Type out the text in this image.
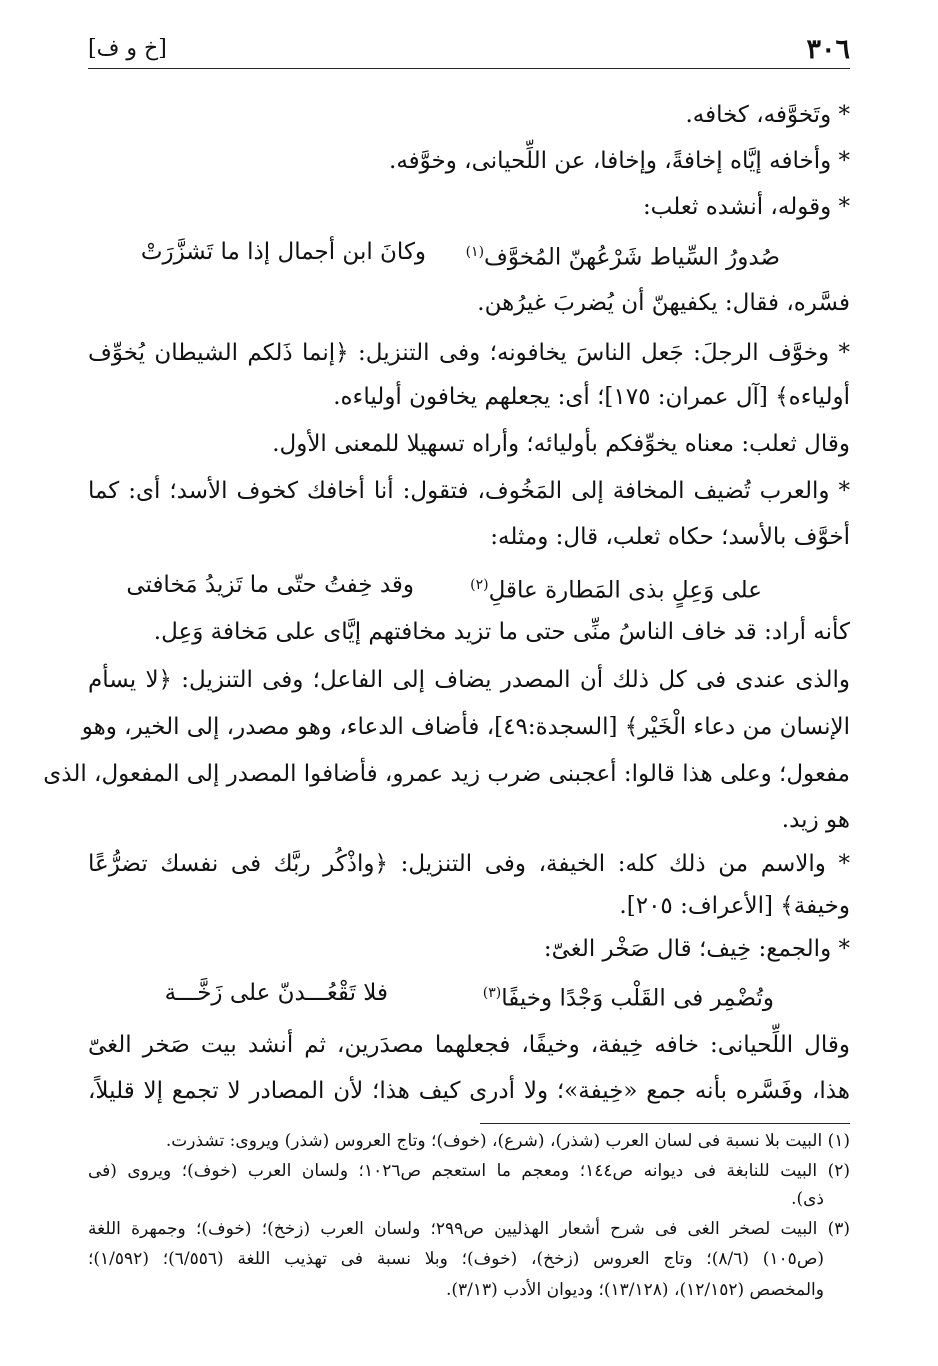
٣٠٦
[خ و ف]
* وتَخوَّفه، كخافه.
* وأخافه إيَّاه إخافةً، وإخافا، عن اللِّحيانى، وخوَّفه.
* وقوله، أنشده ثعلب:
وكانَ ابن أجمال إذا ما تَشزَّرَتْ	صُدورُ السِّياط شَرْعُهنّ المُخوَّف$^{(١)}$
فسَّره، فقال: يكفيهنّ أن يُضربَ غيرُهن.
* وخوَّف الرجلَ: جَعل الناسَ يخافونه؛ وفى التنزيل: ﴿إنما ذَلكم الشيطان يُخوِّف
أولياءه﴾ [آل عمران: ١٧٥]؛ أى: يجعلهم يخافون أولياءه.
وقال ثعلب: معناه يخوِّفكم بأوليائه؛ وأراه تسهيلا للمعنى الأول.
* والعرب تُضيف المخافة إلى المَخُوف، فتقول: أنا أخافك كخوف الأسد؛ أى: كما
أخوَّف بالأسد؛ حكاه ثعلب، قال: ومثله:
وقد خِفتُ حتّى ما تَزيدُ مَخافتى	على وَعِلٍ بذى المَطارة عاقلِ$^{(٢)}$
كأنه أراد: قد خاف الناسُ منِّى حتى ما تزيد مخافتهم إيَّاى على مَخافة وَعِل.
والذى عندى فى كل ذلك أن المصدر يضاف إلى الفاعل؛ وفى التنزيل: ﴿لا يسأم
الإنسان من دعاء الْخَيْر﴾ [السجدة:٤٩]، فأضاف الدعاء، وهو مصدر، إلى الخير، وهو
مفعول؛ وعلى هذا قالوا: أعجبنى ضرب زيد عمرو، فأضافوا المصدر إلى المفعول، الذى
هو زيد.
* والاسم من ذلك كله: الخيفة، وفى التنزيل: ﴿واذْكُر ربَّك فى نفسك تضرُّعًا
وخيفة﴾ [الأعراف: ٢٠٥].
* والجمع: خِيف؛ قال صَخْر الغىّ:
فلا تَقْعُـــدنّ على زَخَّـــة	وتُضْمِر فى القَلْب وَجْدًا وخيفًا$^{(٣)}$
وقال اللِّحيانى: خافه خِيفة، وخيفًا، فجعلهما مصدَرين، ثم أنشد بيت صَخر الغىّ
هذا، وفَسَّره بأنه جمع «خِيفة»؛ ولا أدرى كيف هذا؛ لأن المصادر لا تجمع إلا قليلاً،
(١) البيت بلا نسبة فى لسان العرب (شذر)، (شرع)، (خوف)؛ وتاج العروس (شذر) ويروى: تشذرت.
(٢) البيت للنابغة فى ديوانه ص١٤٤؛ ومعجم ما استعجم ص١٠٢٦؛ ولسان العرب (خوف)؛ ويروى (فى
ذى).
(٣) البيت لصخر الغى فى شرح أشعار الهذليين ص٢٩٩؛ ولسان العرب (زخخ)؛ (خوف)؛ وجمهرة اللغة
(ص١٠٥) (٨/٦)؛ وتاج العروس (زخخ)، (خوف)؛ وبلا نسبة فى تهذيب اللغة (٦/٥٥٦)؛ (١/٥٩٢)؛
والمخصص (١٢/١٥٢)، (١٣/١٢٨)؛ وديوان الأدب (٣/١٣).
